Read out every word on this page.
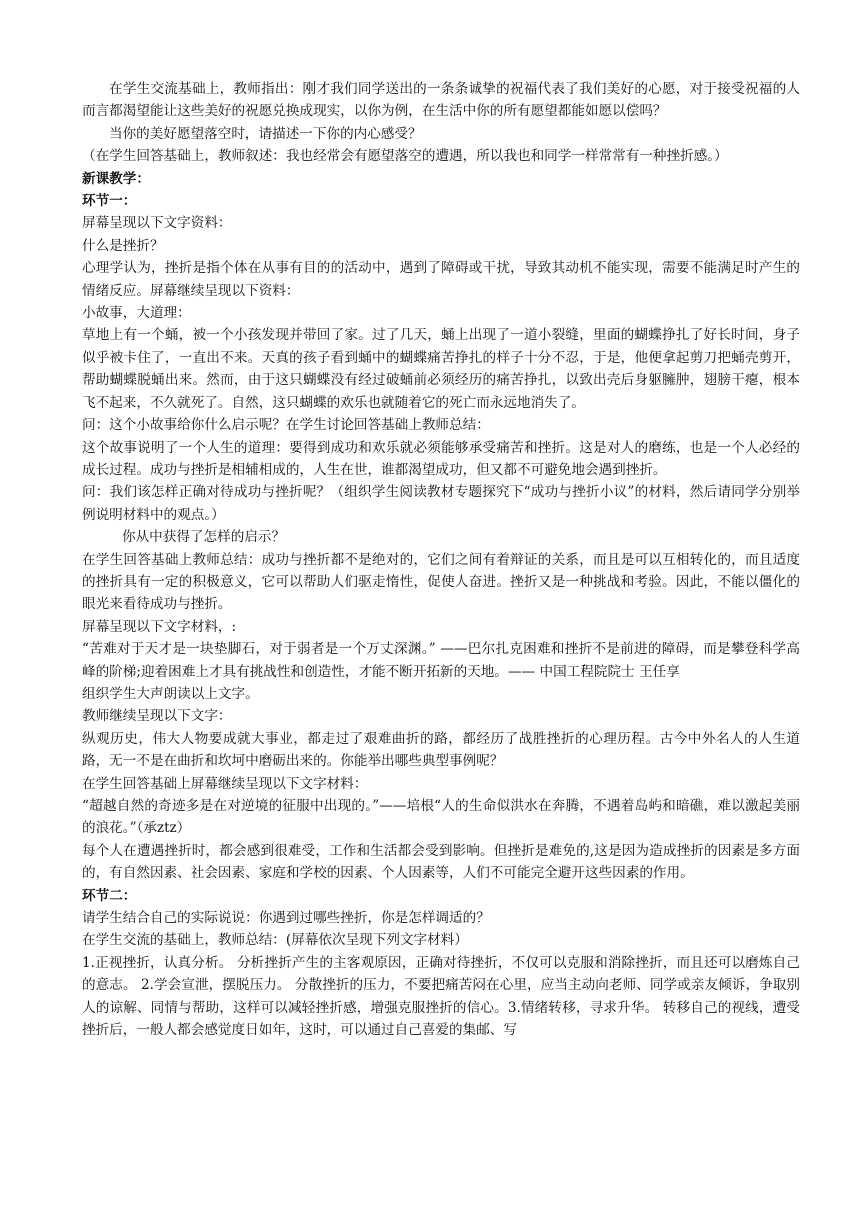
在学生交流基础上，教师指出：刚才我们同学送出的一条条诚挚的祝福代表了我们美好的心愿，对于接受祝福的人而言都渴望能让这些美好的祝愿兑换成现实，以你为例，在生活中你的所有愿望都能如愿以偿吗？

当你的美好愿望落空时，请描述一下你的内心感受？

（在学生回答基础上，教师叙述：我也经常会有愿望落空的遭遇，所以我也和同学一样常常有一种挫折感。）

新课教学：

环节一：

屏幕呈现以下文字资料：

什么是挫折？

心理学认为，挫折是指个体在从事有目的的活动中，遇到了障碍或干扰，导致其动机不能实现，需要不能满足时产生的情绪反应。屏幕继续呈现以下资料：

小故事，大道理：

草地上有一个蛹，被一个小孩发现并带回了家。过了几天，蛹上出现了一道小裂缝，里面的蝴蝶挣扎了好长时间，身子似乎被卡住了，一直出不来。天真的孩子看到蛹中的蝴蝶痛苦挣扎的样子十分不忍，于是，他便拿起剪刀把蛹壳剪开，帮助蝴蝶脱蛹出来。然而，由于这只蝴蝶没有经过破蛹前必须经历的痛苦挣扎，以致出壳后身躯臃肿，翅膀干瘪，根本飞不起来，不久就死了。自然，这只蝴蝶的欢乐也就随着它的死亡而永远地消失了。

问：这个小故事给你什么启示呢？在学生讨论回答基础上教师总结：

这个故事说明了一个人生的道理：要得到成功和欢乐就必须能够承受痛苦和挫折。这是对人的磨练，也是一个人必经的成长过程。成功与挫折是相辅相成的，人生在世，谁都渴望成功，但又都不可避免地会遇到挫折。

问：我们该怎样正确对待成功与挫折呢？（组织学生阅读教材专题探究下“成功与挫折小议”的材料，然后请同学分别举例说明材料中的观点。）

你从中获得了怎样的启示？

在学生回答基础上教师总结：成功与挫折都不是绝对的，它们之间有着辩证的关系，而且是可以互相转化的，而且适度的挫折具有一定的积极意义，它可以帮助人们驱走惰性，促使人奋进。挫折又是一种挑战和考验。因此，不能以僵化的眼光来看待成功与挫折。

屏幕呈现以下文字材料，:

“苦难对于天才是一块垫脚石，对于弱者是一个万丈深渊。” ——巴尔扎克困难和挫折不是前进的障碍，而是攀登科学高峰的阶梯;迎着困难上才具有挑战性和创造性，才能不断开拓新的天地。—— 中国工程院院士 王任享

组织学生大声朗读以上文字。

教师继续呈现以下文字：

纵观历史，伟大人物要成就大事业，都走过了艰难曲折的路，都经历了战胜挫折的心理历程。古今中外名人的人生道路，无一不是在曲折和坎坷中磨砺出来的。你能举出哪些典型事例呢？

在学生回答基础上屏幕继续呈现以下文字材料：

“超越自然的奇迹多是在对逆境的征服中出现的。”——培根“人的生命似洪水在奔腾，不遇着岛屿和暗礁，难以激起美丽的浪花。”（承ztz）

每个人在遭遇挫折时，都会感到很难受，工作和生活都会受到影响。但挫折是难免的,这是因为造成挫折的因素是多方面的，有自然因素、社会因素、家庭和学校的因素、个人因素等，人们不可能完全避开这些因素的作用。

环节二：

请学生结合自己的实际说说：你遇到过哪些挫折，你是怎样调适的？

在学生交流的基础上，教师总结：(屏幕依次呈现下列文字材料）

1.正视挫折，认真分析。 分析挫折产生的主客观原因，正确对待挫折，不仅可以克服和消除挫折，而且还可以磨炼自己的意志。 2.学会宣泄，摆脱压力。 分散挫折的压力，不要把痛苦闷在心里，应当主动向老师、同学或亲友倾诉，争取别人的谅解、同情与帮助，这样可以减轻挫折感，增强克服挫折的信心。3.情绪转移，寻求升华。 转移自己的视线，遭受挫折后，一般人都会感觉度日如年，这时，可以通过自己喜爱的集邮、写
